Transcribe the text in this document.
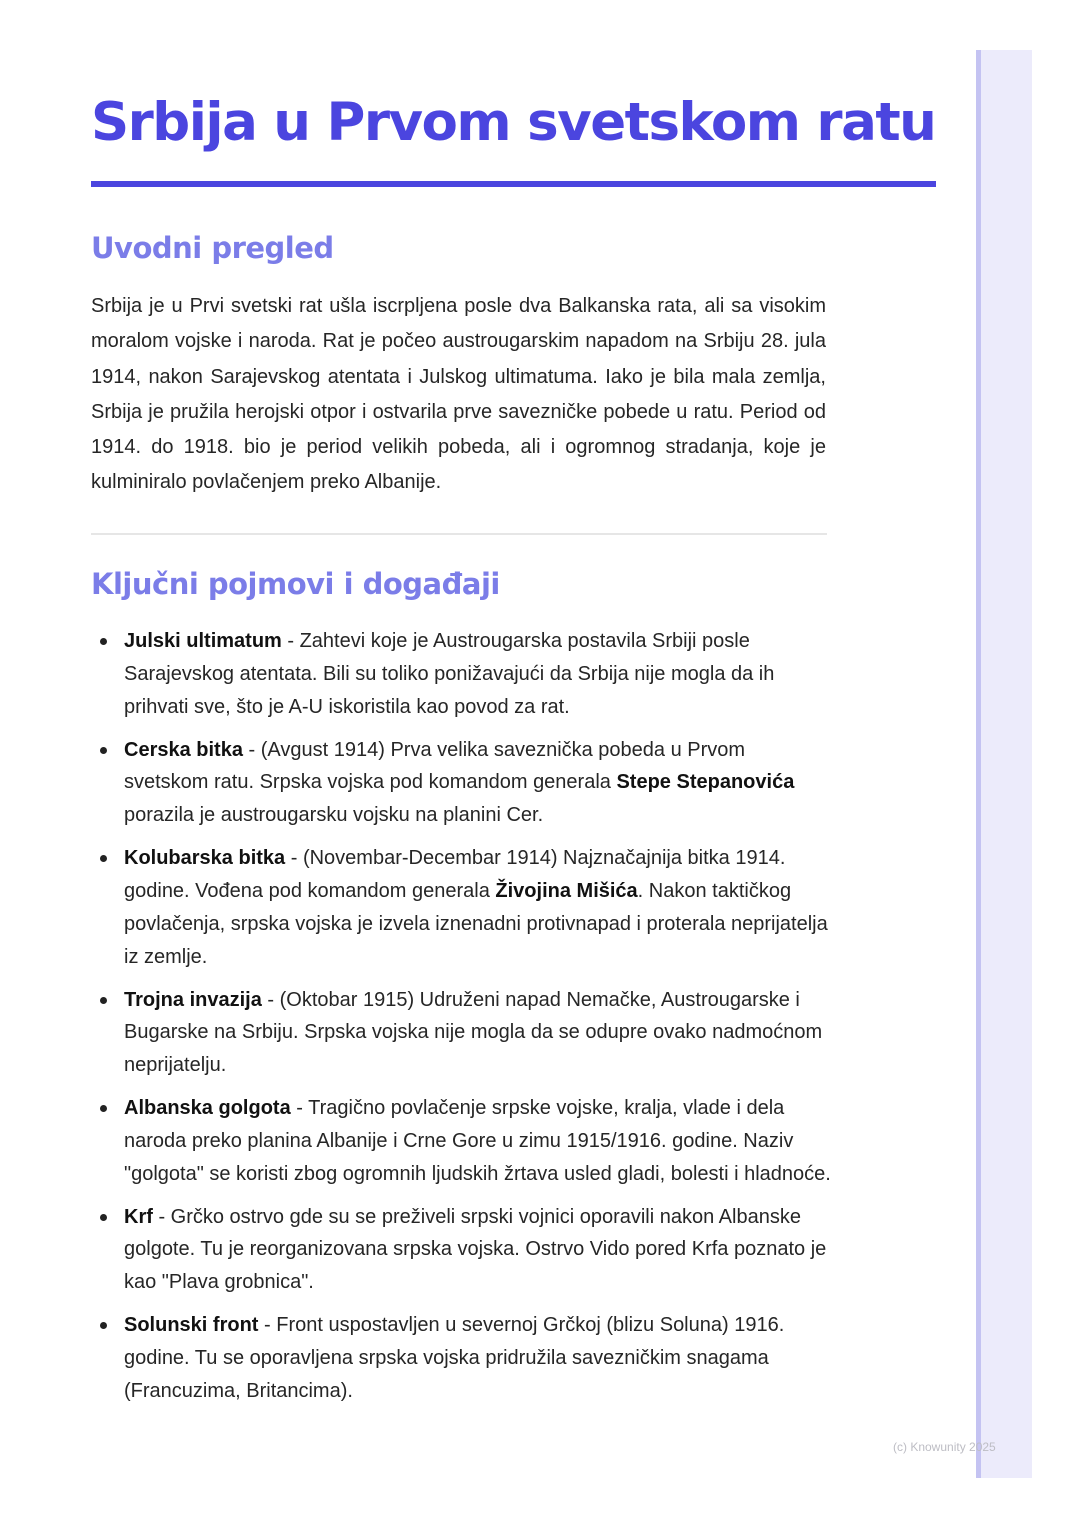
Srbija u Prvom svetskom ratu
Uvodni pregled

Srbija je u Prvi svetski rat ušla iscrpljena posle dva Balkanska rata, ali sa visokim moralom vojske i naroda. Rat je počeo austrougarskim napadom na Srbiju 28. jula 1914, nakon Sarajevskog atentata i Julskog ultimatuma. Iako je bila mala zemlja, Srbija je pružila herojski otpor i ostvarila prve savezničke pobede u ratu. Period od 1914. do 1918. bio je period velikih pobeda, ali i ogromnog stradanja, koje je kulminiralo povlačenjem preko Albanije.

Ključni pojmovi i događaji
Julski ultimatum - Zahtevi koje je Austrougarska postavila Srbiji posle Sarajevskog atentata. Bili su toliko ponižavajući da Srbija nije mogla da ih prihvati sve, što je A-U iskoristila kao povod za rat.
Cerska bitka - (Avgust 1914) Prva velika saveznička pobeda u Prvom svetskom ratu. Srpska vojska pod komandom generala Stepe Stepanovića porazila je austrougarsku vojsku na planini Cer.
Kolubarska bitka - (Novembar-Decembar 1914) Najznačajnija bitka 1914. godine. Vođena pod komandom generala Živojina Mišića. Nakon taktičkog povlačenja, srpska vojska je izvela iznenadni protivnapad i proterala neprijatelja iz zemlje.
Trojna invazija - (Oktobar 1915) Udruženi napad Nemačke, Austrougarske i Bugarske na Srbiju. Srpska vojska nije mogla da se odupre ovako nadmoćnom neprijatelju.
Albanska golgota - Tragično povlačenje srpske vojske, kralja, vlade i dela naroda preko planina Albanije i Crne Gore u zimu 1915/1916. godine. Naziv "golgota" se koristi zbog ogromnih ljudskih žrtava usled gladi, bolesti i hladnoće.
Krf - Grčko ostrvo gde su se preživeli srpski vojnici oporavili nakon Albanske golgote. Tu je reorganizovana srpska vojska. Ostrvo Vido pored Krfa poznato je kao "Plava grobnica".
Solunski front - Front uspostavljen u severnoj Grčkoj (blizu Soluna) 1916. godine. Tu se oporavljena srpska vojska pridružila savezničkim snagama (Francuzima, Britancima).

(c) Knowunity 2025
